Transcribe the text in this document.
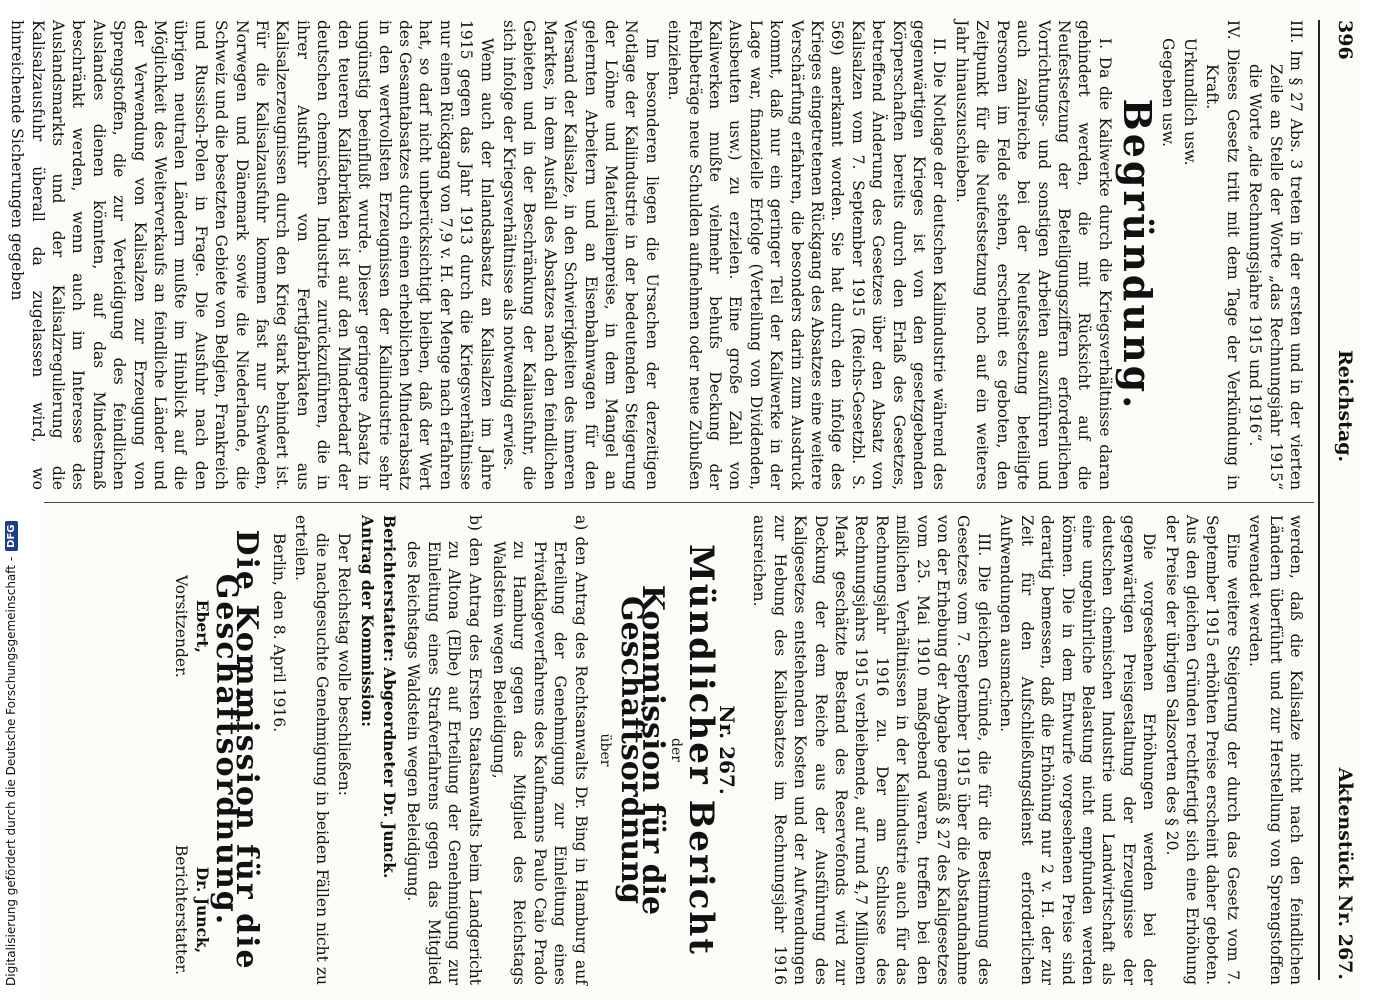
396
Reichstag.
Aktenstück Nr. 267.

III. Im § 27 Abs. 3 treten in der ersten und in der vierten Zeile an Stelle der Worte „das Rechnungsjahr 1915“ die Worte „die Rechnungsjahre 1915 und 1916“.

IV. Dieses Gesetz tritt mit dem Tage der Verkündung in Kraft.

Urkundlich usw.

Gegeben usw.

Begründung.

I. Da die Kaliwerke durch die Kriegsverhältnisse daran gehindert werden, die mit Rücksicht auf die Neufestsetzung der Beteiligungsziffern erforderlichen Vorrichtungs- und sonstigen Arbeiten auszuführen und auch zahlreiche bei der Neufestsetzung beteiligte Personen im Felde stehen, erscheint es geboten, den Zeitpunkt für die Neufestsetzung noch auf ein weiteres Jahr hinauszuschieben.

II. Die Notlage der deutschen Kaliindustrie während des gegenwärtigen Krieges ist von den gesetzgebenden Körperschaften bereits durch den Erlaß des Gesetzes, betreffend Änderung des Gesetzes über den Absatz von Kalisalzen vom 7. September 1915 (Reichs-Gesetzbl. S. 569) anerkannt worden. Sie hat durch den infolge des Krieges eingetretenen Rückgang des Absatzes eine weitere Verschärfung erfahren, die besonders darin zum Ausdruck kommt, daß nur ein geringer Teil der Kaliwerke in der Lage war, finanzielle Erfolge (Verteilung von Dividenden, Ausbeuten usw.) zu erzielen. Eine große Zahl von Kaliwerken mußte vielmehr behufs Deckung der Fehlbeträge neue Schulden aufnehmen oder neue Zubußen einziehen.

Im besonderen liegen die Ursachen der derzeitigen Notlage der Kaliindustrie in der bedeutenden Steigerung der Löhne und Materialienpreise, in dem Mangel an gelernten Arbeitern und an Eisenbahnwagen für den Versand der Kalisalze, in den Schwierigkeiten des inneren Marktes, in dem Ausfall des Absatzes nach den feindlichen Gebieten und in der Beschränkung der Kaliausfuhr, die sich infolge der Kriegsverhältnisse als notwendig erwies.

Wenn auch der Inlandsabsatz an Kalisalzen im Jahre 1915 gegen das Jahr 1913 durch die Kriegsverhältnisse nur einen Rückgang von 7,9 v. H. der Menge nach erfahren hat, so darf nicht unberücksichtigt bleiben, daß der Wert des Gesamtabsatzes durch einen erheblichen Minderabsatz in den wertvollsten Erzeugnissen der Kaliindustrie sehr ungünstig beeinflußt wurde. Dieser geringere Absatz in den teueren Kalifabrikaten ist auf den Minderbedarf der deutschen chemischen Industrie zurückzuführen, die in ihrer Ausfuhr von Fertigfabrikaten aus Kalisalzerzeugnissen durch den Krieg stark behindert ist. Für die Kalisalzausfuhr kommen fast nur Schweden, Norwegen und Dänemark sowie die Niederlande, die Schweiz und die besetzten Gebiete von Belgien, Frankreich und Russisch-Polen in Frage. Die Ausfuhr nach den übrigen neutralen Ländern mußte im Hinblick auf die Möglichkeit des Weiterverkaufs an feindliche Länder und der Verwendung von Kalisalzen zur Erzeugung von Sprengstoffen, die zur Verteidigung des feindlichen Auslandes dienen könnten, auf das Mindestmaß beschränkt werden, wenn auch im Interesse des Auslandsmarkts und der Kalisalzregulierung die Kalisalzausfuhr überall da zugelassen wird, wo hinreichende Sicherungen gegeben

werden, daß die Kalisalze nicht nach den feindlichen Ländern überführt und zur Herstellung von Sprengstoffen verwendet werden.

Eine weitere Steigerung der durch das Gesetz vom 7. September 1915 erhöhten Preise erscheint daher geboten. Aus den gleichen Gründen rechtfertigt sich eine Erhöhung der Preise der übrigen Salzsorten des § 20.

Die vorgesehenen Erhöhungen werden bei der gegenwärtigen Preisgestaltung der Erzeugnisse der deutschen chemischen Industrie und Landwirtschaft als eine ungebührliche Belastung nicht empfunden werden können. Die in dem Entwurfe vorgesehenen Preise sind derartig bemessen, daß die Erhöhung nur 2 v. H. der zur Zeit für den Aufschließungsdienst erforderlichen Aufwendungen ausmachen.

III. Die gleichen Gründe, die für die Bestimmung des Gesetzes vom 7. September 1915 über die Abstandnahme von der Erhebung der Abgabe gemäß § 27 des Kaligesetzes vom 25. Mai 1910 maßgebend waren, treffen bei den mißlichen Verhältnissen in der Kaliindustrie auch für das Rechnungsjahr 1916 zu. Der am Schlusse des Rechnungsjahrs 1915 verbleibende, auf rund 4,7 Millionen Mark geschätzte Bestand des Reservefonds wird zur Deckung der dem Reiche aus der Ausführung des Kaligesetzes entstehenden Kosten und der Aufwendungen zur Hebung des Kaliabsatzes im Rechnungsjahr 1916 ausreichen.

Nr. 267.
Mündlicher Bericht
der
Kommission für die Geschäftsordnung
über

a) den Antrag des Rechtsanwalts Dr. Bing in Hamburg auf Erteilung der Genehmigung zur Einleitung eines Privatklageverfahrens des Kaufmanns Paulo Caio Prado zu Hamburg gegen das Mitglied des Reichstags Waldstein wegen Beleidigung,

b) den Antrag des Ersten Staatsanwalts beim Landgericht zu Altona (Elbe) auf Erteilung der Genehmigung zur Einleitung eines Strafverfahrens gegen das Mitglied des Reichstags Waldstein wegen Beleidigung.

Berichterstatter: Abgeordneter Dr. Junck.

Antrag der Kommission:

Der Reichstag wolle beschließen:

die nachgesuchte Genehmigung in beiden Fällen nicht zu erteilen.

Berlin, den 8. April 1916.

Die Kommission für die Geschäftsordnung.
Ebert,
Vorsitzender.
Dr. Junck,
Berichterstatter.
Digitalisierung gefördert durch die Deutsche Forschungsgemeinschaft -
DFG
